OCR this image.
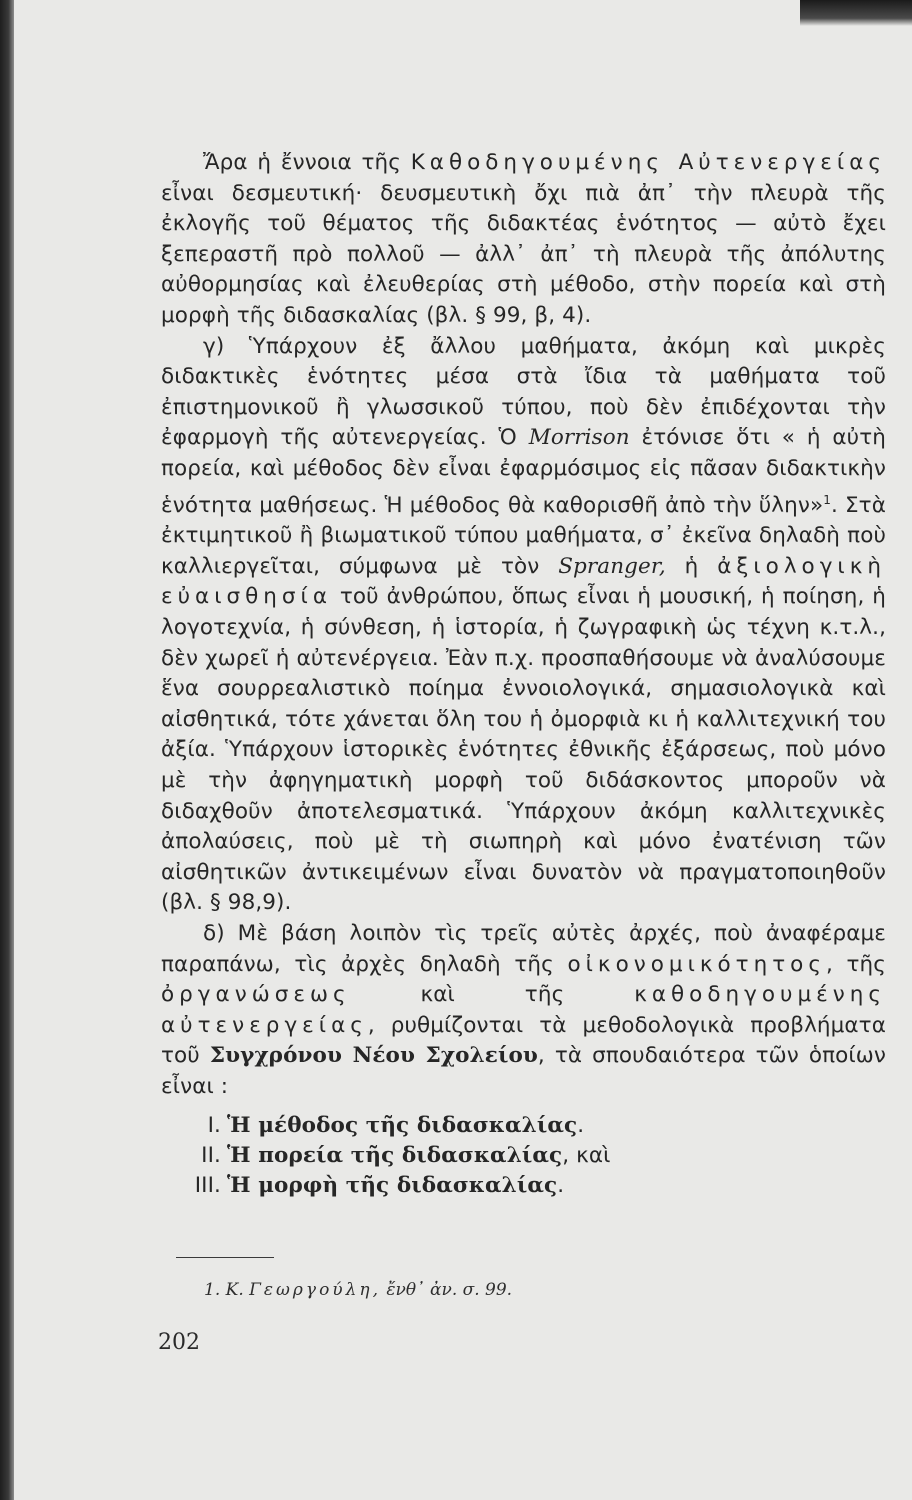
Ἄρα ἡ ἔννοια τῆς Καθοδηγουμένης Αὐτενεργείας εἶναι δεσμευτική· δευσμευτικὴ ὄχι πιὰ ἀπ᾽ τὴν πλευρὰ τῆς ἐκλογῆς τοῦ θέματος τῆς διδακτέας ἑνότητος — αὐτὸ ἔχει ξεπεραστῆ πρὸ πολλοῦ — ἀλλ᾽ ἀπ᾽ τὴ πλευρὰ τῆς ἀπόλυτης αὐθορμησίας καὶ ἐλευθερίας στὴ μέθοδο, στὴν πορεία καὶ στὴ μορφὴ τῆς διδασκαλίας (βλ. § 99, β, 4).

γ) Ὑπάρχουν ἐξ ἄλλου μαθήματα, ἀκόμη καὶ μικρὲς διδακτικὲς ἑνότητες μέσα στὰ ἴδια τὰ μαθήματα τοῦ ἐπιστημονικοῦ ἢ γλωσσικοῦ τύπου, ποὺ δὲν ἐπιδέχονται τὴν ἐφαρμογὴ τῆς αὐτενεργείας. Ὁ Morrison ἐτόνισε ὅτι « ἡ αὐτὴ πορεία, καὶ μέθοδος δὲν εἶναι ἐφαρμόσιμος εἰς πᾶσαν διδακτικὴν ἑνότητα μαθήσεως. Ἡ μέθοδος θὰ καθορισθῆ ἀπὸ τὴν ὕλην»$^1$. Στὰ ἐκτιμητικοῦ ἢ βιωματικοῦ τύπου μαθήματα, σ᾽ ἐκεῖνα δηλαδὴ ποὺ καλλιεργεῖται, σύμφωνα μὲ τὸν Spranger, ἡ ἀξιολογικὴ εὐαισθησία τοῦ ἀνθρώπου, ὅπως εἶναι ἡ μουσική, ἡ ποίηση, ἡ λογοτεχνία, ἡ σύνθεση, ἡ ἱστορία, ἡ ζωγραφικὴ ὡς τέχνη κ.τ.λ., δὲν χωρεῖ ἡ αὐτενέργεια. Ἐὰν π.χ. προσπαθήσουμε νὰ ἀναλύσουμε ἕνα σουρρεαλιστικὸ ποίημα ἐννοιολογικά, σημασιολογικὰ καὶ αἰσθητικά, τότε χάνεται ὅλη του ἡ ὀμορφιὰ κι ἡ καλλιτεχνική του ἀξία. Ὑπάρχουν ἱστορικὲς ἑνότητες ἐθνικῆς ἐξάρσεως, ποὺ μόνο μὲ τὴν ἀφηγηματικὴ μορφὴ τοῦ διδάσκοντος μποροῦν νὰ διδαχθοῦν ἀποτελεσματικά. Ὑπάρχουν ἀκόμη καλλιτεχνικὲς ἀπολαύσεις, ποὺ μὲ τὴ σιωπηρὴ καὶ μόνο ἐνατένιση τῶν αἰσθητικῶν ἀντικειμένων εἶναι δυνατὸν νὰ πραγματοποιηθοῦν (βλ. § 98,9).

δ) Μὲ βάση λοιπὸν τὶς τρεῖς αὐτὲς ἀρχές, ποὺ ἀναφέραμε παραπάνω, τὶς ἀρχὲς δηλαδὴ τῆς οἰκονομικότητος, τῆς ὀργανώσεως καὶ τῆς καθοδηγουμένης αὐτενεργείας, ρυθμίζονται τὰ μεθοδολογικὰ προβλήματα τοῦ Συγχρόνου Νέου Σχολείου, τὰ σπουδαιότερα τῶν ὁποίων εἶναι :

I. Ἡ μέθοδος τῆς διδασκαλίας.
II. Ἡ πορεία τῆς διδασκαλίας, καὶ
III. Ἡ μορφὴ τῆς διδασκαλίας.
1. Κ. Γεωργούλη, ἔνθ᾽ ἀν. σ. 99.
202
